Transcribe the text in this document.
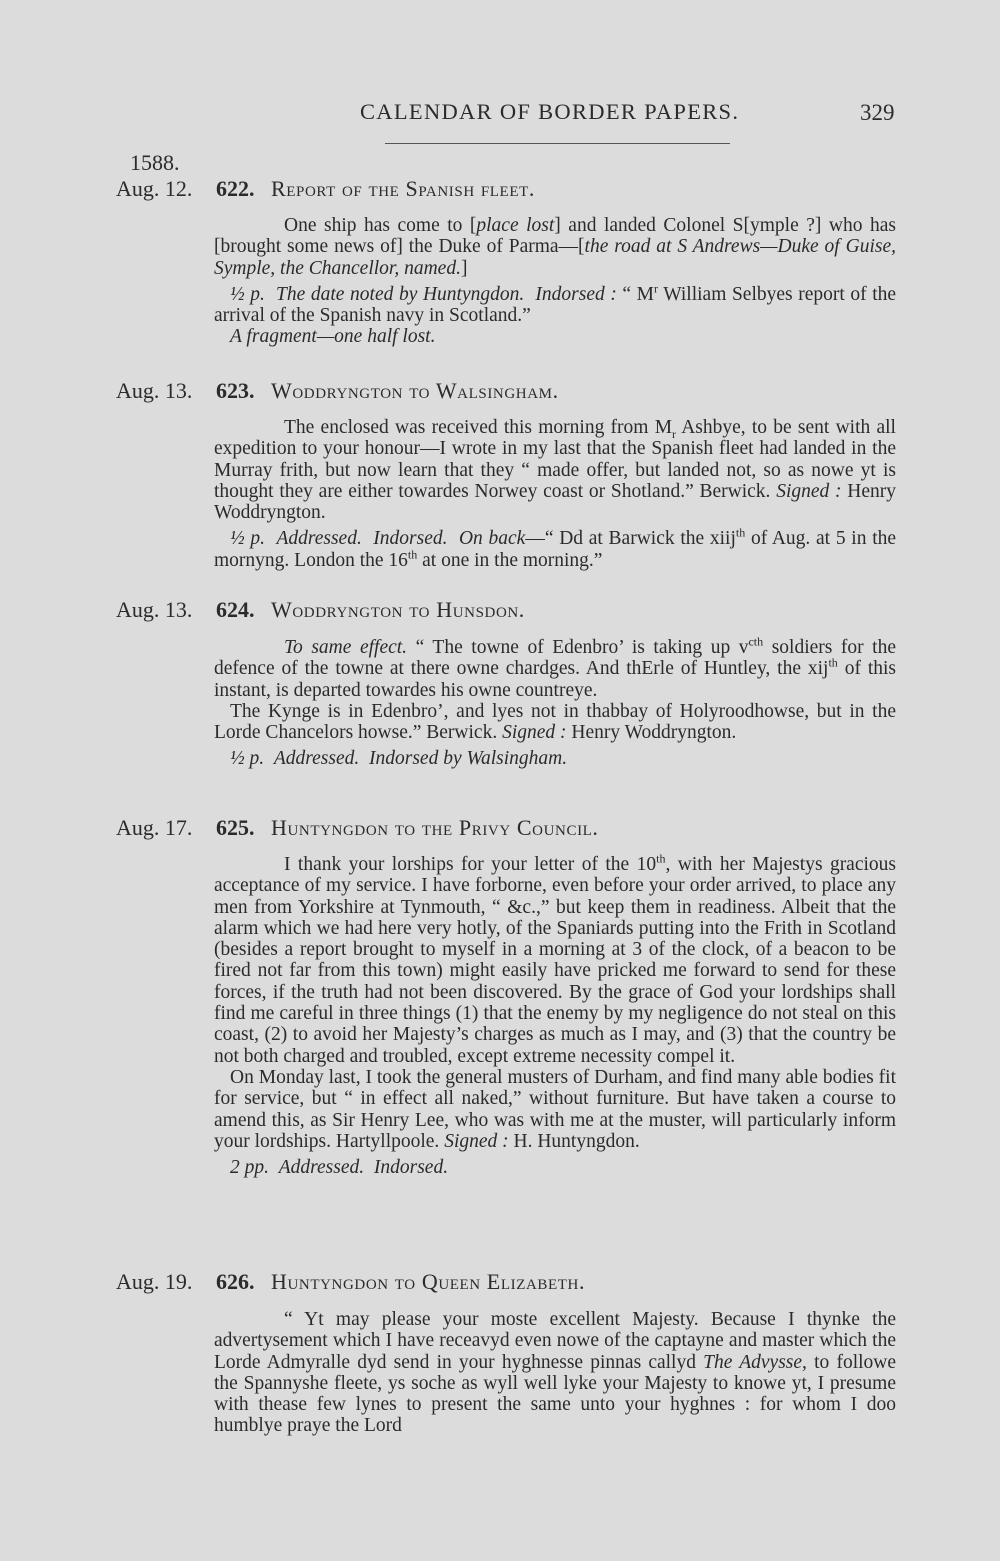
CALENDAR OF BORDER PAPERS.	329
1588.
Aug. 12. 622. Report of the Spanish fleet.

One ship has come to [place lost] and landed Colonel S[ymple ?] who has [brought some news of] the Duke of Parma—[the road at S Andrews—Duke of Guise, Symple, the Chancellor, named.]

½ p. The date noted by Huntyngdon. Indorsed : “ $M^r$ William Selbyes report of the arrival of the Spanish navy in Scotland.”

A fragment—one half lost.

Aug. 13. 623. Woddryngton to Walsingham.

The enclosed was received this morning from $M_r$ Ashbye, to be sent with all expedition to your honour—I wrote in my last that the Spanish fleet had landed in the Murray frith, but now learn that they “ made offer, but landed not, so as nowe yt is thought they are either towardes Norwey coast or Shotland.” Berwick. Signed : Henry Woddryngton.

½ p. Addressed. Indorsed. On back—“ Dd at Barwick the xiij$^{th}$ of Aug. at 5 in the mornyng. London the 16th at one in the morning.”

Aug. 13. 624. Woddryngton to Hunsdon.

To same effect. “ The towne of Edenbro’ is taking up $v^{cth}$ soldiers for the defence of the towne at there owne chardges. And thErle of Huntley, the xij$^{th}$ of this instant, is departed towardes his owne countreye.

The Kynge is in Edenbro’, and lyes not in thabbay of Holyroodhowse, but in the Lorde Chancelors howse.” Berwick. Signed : Henry Woddryngton.

½ p. Addressed. Indorsed by Walsingham.

Aug. 17. 625. Huntyngdon to the Privy Council.

I thank your lorships for your letter of the 10th, with her Majestys gracious acceptance of my service. I have forborne, even before your order arrived, to place any men from Yorkshire at Tynmouth, “ &c.,” but keep them in readiness. Albeit that the alarm which we had here very hotly, of the Spaniards putting into the Frith in Scotland (besides a report brought to myself in a morning at 3 of the clock, of a beacon to be fired not far from this town) might easily have pricked me forward to send for these forces, if the truth had not been discovered. By the grace of God your lordships shall find me careful in three things (1) that the enemy by my negligence do not steal on this coast, (2) to avoid her Majesty’s charges as much as I may, and (3) that the country be not both charged and troubled, except extreme necessity compel it.

On Monday last, I took the general musters of Durham, and find many able bodies fit for service, but “ in effect all naked,” without furniture. But have taken a course to amend this, as Sir Henry Lee, who was with me at the muster, will particularly inform your lordships. Hartyllpoole. Signed : H. Huntyngdon.

2 pp. Addressed. Indorsed.

Aug. 19. 626. Huntyngdon to Queen Elizabeth.

“ Yt may please your moste excellent Majesty. Because I thynke the advertysement which I have receavyd even nowe of the captayne and master which the Lorde Admyralle dyd send in your hyghnesse pinnas callyd The Advysse, to followe the Spannyshe fleete, ys soche as wyll well lyke your Majesty to knowe yt, I presume with thease few lynes to present the same unto your hyghnes : for whom I doo humblye praye the Lord
